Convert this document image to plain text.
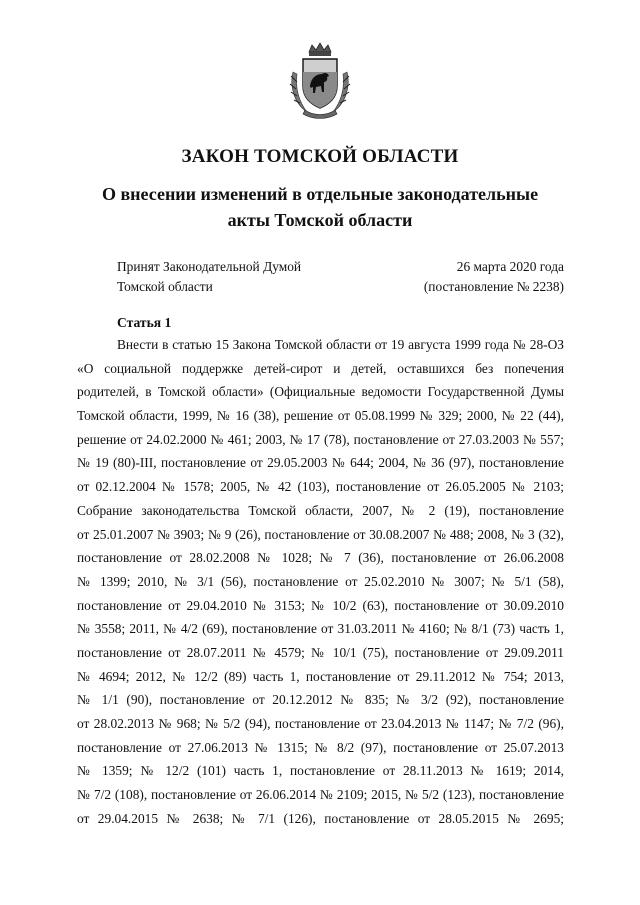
ЗАКОН ТОМСКОЙ ОБЛАСТИ
О внесении изменений в отдельные законодательные
акты Томской области
Принят Законодательной Думой
Томской области
26 марта 2020 года
(постановление № 2238)
Статья 1
Внести в статью 15 Закона Томской области от 19 августа 1999 года № 28-ОЗ
«О социальной поддержке детей-сирот и детей, оставшихся без попечения
родителей, в Томской области» (Официальные ведомости Государственной Думы
Томской области, 1999, № 16 (38), решение от 05.08.1999 № 329; 2000, № 22 (44),
решение от 24.02.2000 № 461; 2003, № 17 (78), постановление от 27.03.2003 № 557;
№ 19 (80)-III, постановление от 29.05.2003 № 644; 2004, № 36 (97), постановление
от 02.12.2004 № 1578; 2005, № 42 (103), постановление от 26.05.2005 № 2103;
Собрание законодательства Томской области, 2007, № 2 (19), постановление
от 25.01.2007 № 3903; № 9 (26), постановление от 30.08.2007 № 488; 2008, № 3 (32),
постановление от 28.02.2008 № 1028; № 7 (36), постановление от 26.06.2008
№ 1399; 2010, № 3/1 (56), постановление от 25.02.2010 № 3007; № 5/1 (58),
постановление от 29.04.2010 № 3153; № 10/2 (63), постановление от 30.09.2010
№ 3558; 2011, № 4/2 (69), постановление от 31.03.2011 № 4160; № 8/1 (73) часть 1,
постановление от 28.07.2011 № 4579; № 10/1 (75), постановление от 29.09.2011
№ 4694; 2012, № 12/2 (89) часть 1, постановление от 29.11.2012 № 754; 2013,
№ 1/1 (90), постановление от 20.12.2012 № 835; № 3/2 (92), постановление
от 28.02.2013 № 968; № 5/2 (94), постановление от 23.04.2013 № 1147; № 7/2 (96),
постановление от 27.06.2013 № 1315; № 8/2 (97), постановление от 25.07.2013
№ 1359; № 12/2 (101) часть 1, постановление от 28.11.2013 № 1619; 2014,
№ 7/2 (108), постановление от 26.06.2014 № 2109; 2015, № 5/2 (123), постановление
от 29.04.2015 № 2638; № 7/1 (126), постановление от 28.05.2015 № 2695;
